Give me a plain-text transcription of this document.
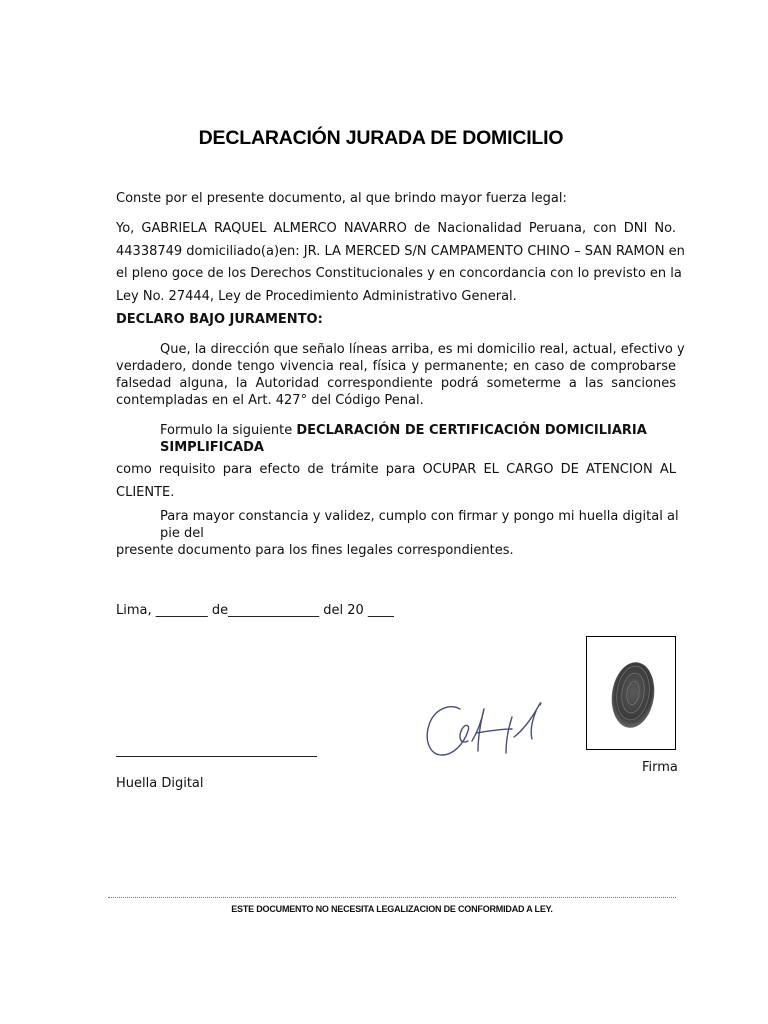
DECLARACIÓN JURADA DE DOMICILIO
Conste por el presente documento, al que brindo mayor fuerza legal:
Yo, GABRIELA RAQUEL ALMERCO NAVARRO de Nacionalidad Peruana, con DNI No.
44338749 domiciliado(a)en: JR. LA MERCED S/N CAMPAMENTO CHINO – SAN RAMON en
el pleno goce de los Derechos Constitucionales y en concordancia con lo previsto en la
Ley No. 27444, Ley de Procedimiento Administrativo General.
DECLARO BAJO JURAMENTO:
Que, la dirección que señalo líneas arriba, es mi domicilio real, actual, efectivo y
verdadero, donde tengo vivencia real, física y permanente; en caso de comprobarse
falsedad alguna, la Autoridad correspondiente podrá someterme a las sanciones
contempladas en el Art. 427° del Código Penal.
Formulo la siguiente DECLARACIÓN DE CERTIFICACIÓN DOMICILIARIA
SIMPLIFICADA
como requisito para efecto de trámite para OCUPAR EL CARGO DE ATENCION AL
CLIENTE.
Para mayor constancia y validez, cumplo con firmar y pongo mi huella digital al
pie del
presente documento para los fines legales correspondientes.
Lima, ________ de______________ del 20 ____
Firma
Huella Digital
ESTE DOCUMENTO NO NECESITA LEGALIZACION DE CONFORMIDAD A LEY.
